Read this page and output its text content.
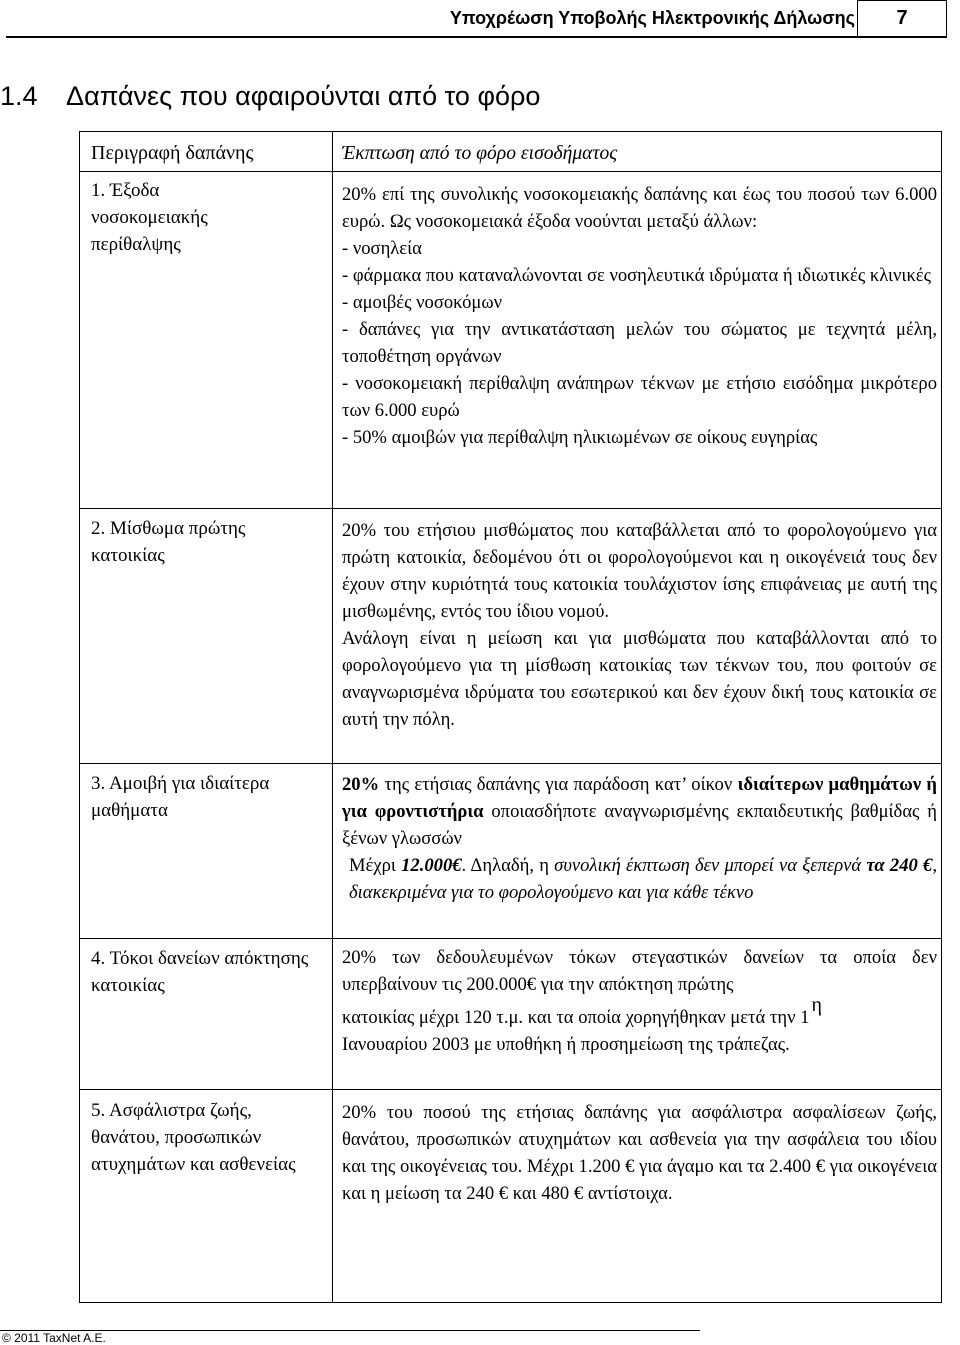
Υποχρέωση Υποβολής Ηλεκτρονικής Δήλωσης	7
1.4    Δαπάνες που αφαιρούνται από το φόρο
Περιγραφή δαπάνης	Έκπτωση από το φόρο εισοδήματος
1. Έξοδα νοσοκομειακής περίθαλψης

20% επί της συνολικής νοσοκομειακής δαπάνης και έως του ποσού των 6.000 ευρώ. Ως νοσοκομειακά έξοδα νοούνται μεταξύ άλλων:

- νοσηλεία

- φάρμακα που καταναλώνονται σε νοσηλευτικά ιδρύματα ή ιδιωτικές κλινικές

- αμοιβές νοσοκόμων

- δαπάνες για την αντικατάσταση μελών του σώματος με τεχνητά μέλη, τοποθέτηση οργάνων

- νοσοκομειακή περίθαλψη ανάπηρων τέκνων με ετήσιο εισόδημα μικρότερο των 6.000 ευρώ

- 50% αμοιβών για περίθαλψη ηλικιωμένων σε οίκους ευγηρίας

2. Μίσθωμα πρώτης κατοικίας

20% του ετήσιου μισθώματος που καταβάλλεται από το φορολογούμενο για πρώτη κατοικία, δεδομένου ότι οι φορολογούμενοι και η οικογένειά τους δεν έχουν στην κυριότητά τους κατοικία τουλάχιστον ίσης επιφάνειας με αυτή της μισθωμένης, εντός του ίδιου νομού.

Ανάλογη είναι η μείωση και για μισθώματα που καταβάλλονται από το φορολογούμενο για τη μίσθωση κατοικίας των τέκνων του, που φοιτούν σε αναγνωρισμένα ιδρύματα του εσωτερικού και δεν έχουν δική τους κατοικία σε αυτή την πόλη.

3. Αμοιβή για ιδιαίτερα μαθήματα

20% της ετήσιας δαπάνης για παράδοση κατ’ οίκον ιδιαίτερων μαθημάτων ή για φροντιστήρια οποιασδήποτε αναγνωρισμένης εκπαιδευτικής βαθμίδας ή ξένων γλωσσών

Μέχρι 12.000€. Δηλαδή, η συνολική έκπτωση δεν μπορεί να ξεπερνά τα 240 €, διακεκριμένα για το φορολογούμενο και για κάθε τέκνο

4. Τόκοι δανείων απόκτησης κατοικίας

20% των δεδουλευμένων τόκων στεγαστικών δανείων τα οποία δεν υπερβαίνουν τις 200.000€ για την απόκτηση πρώτης

κατοικίας μέχρι 120 τ.μ. και τα οποία χορηγήθηκαν μετά την 1η

Ιανουαρίου 2003 με υποθήκη ή προσημείωση της τράπεζας.

5. Ασφάλιστρα ζωής, θανάτου, προσωπικών ατυχημάτων και ασθενείας

20% του ποσού της ετήσιας δαπάνης για ασφάλιστρα ασφαλίσεων ζωής, θανάτου, προσωπικών ατυχημάτων και ασθενεία για την ασφάλεια του ιδίου και της οικογένειας του. Μέχρι 1.200 € για άγαμο και τα 2.400 € για οικογένεια και η μείωση τα 240 € και 480 € αντίστοιχα.

© 2011 TaxNet A.E.
